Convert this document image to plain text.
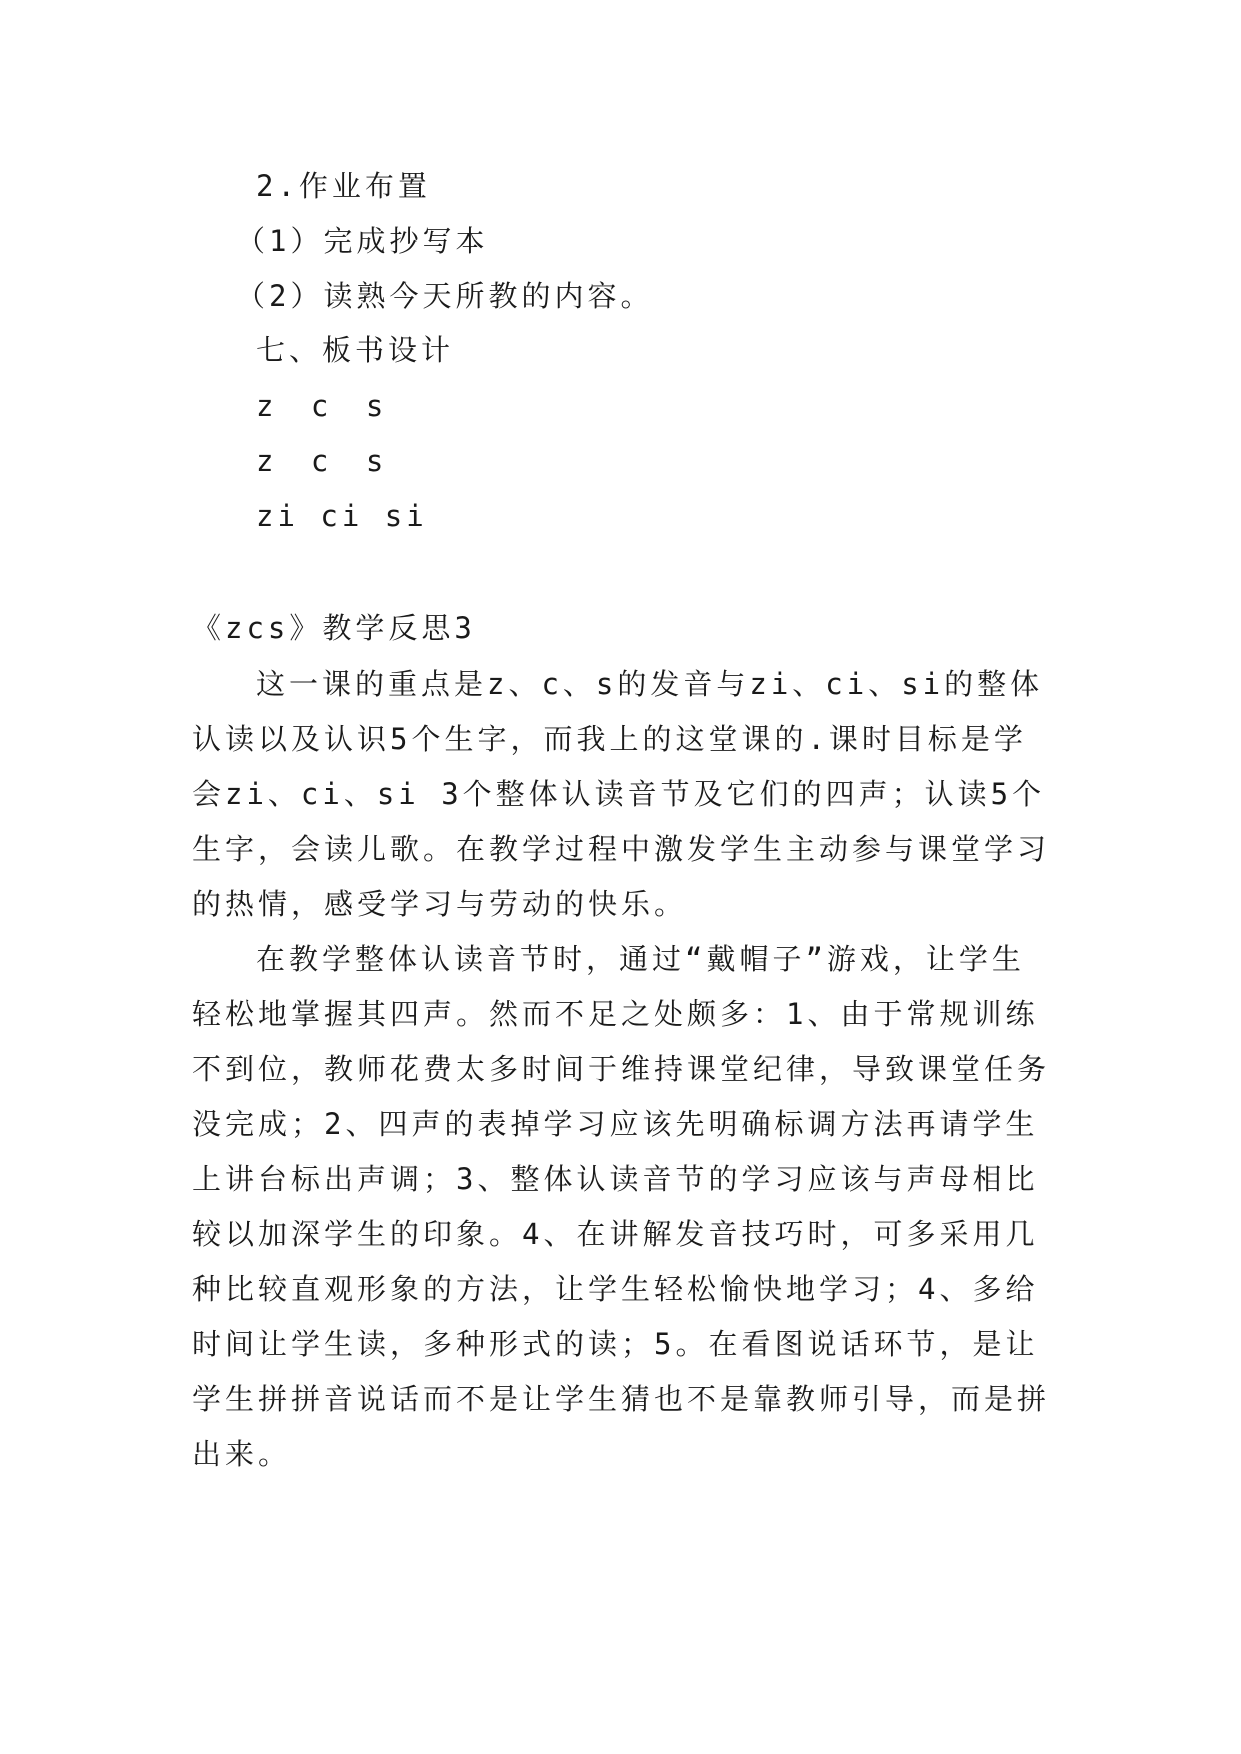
2.作业布置
（1）完成抄写本
（2）读熟今天所教的内容。
七、板书设计
z c s
z c s
zi ci si
《zcs》教学反思3
这一课的重点是z、c、s的发音与zi、ci、si的整体
认读以及认识5个生字，而我上的这堂课的.课时目标是学
会zi、ci、si 3个整体认读音节及它们的四声；认读5个
生字，会读儿歌。在教学过程中激发学生主动参与课堂学习
的热情，感受学习与劳动的快乐。
在教学整体认读音节时，通过“戴帽子”游戏，让学生
轻松地掌握其四声。然而不足之处颇多：1、由于常规训练
不到位，教师花费太多时间于维持课堂纪律，导致课堂任务
没完成；2、四声的表掉学习应该先明确标调方法再请学生
上讲台标出声调；3、整体认读音节的学习应该与声母相比
较以加深学生的印象。4、在讲解发音技巧时，可多采用几
种比较直观形象的方法，让学生轻松愉快地学习；4、多给
时间让学生读，多种形式的读；5。在看图说话环节，是让
学生拼拼音说话而不是让学生猜也不是靠教师引导，而是拼
出来。
